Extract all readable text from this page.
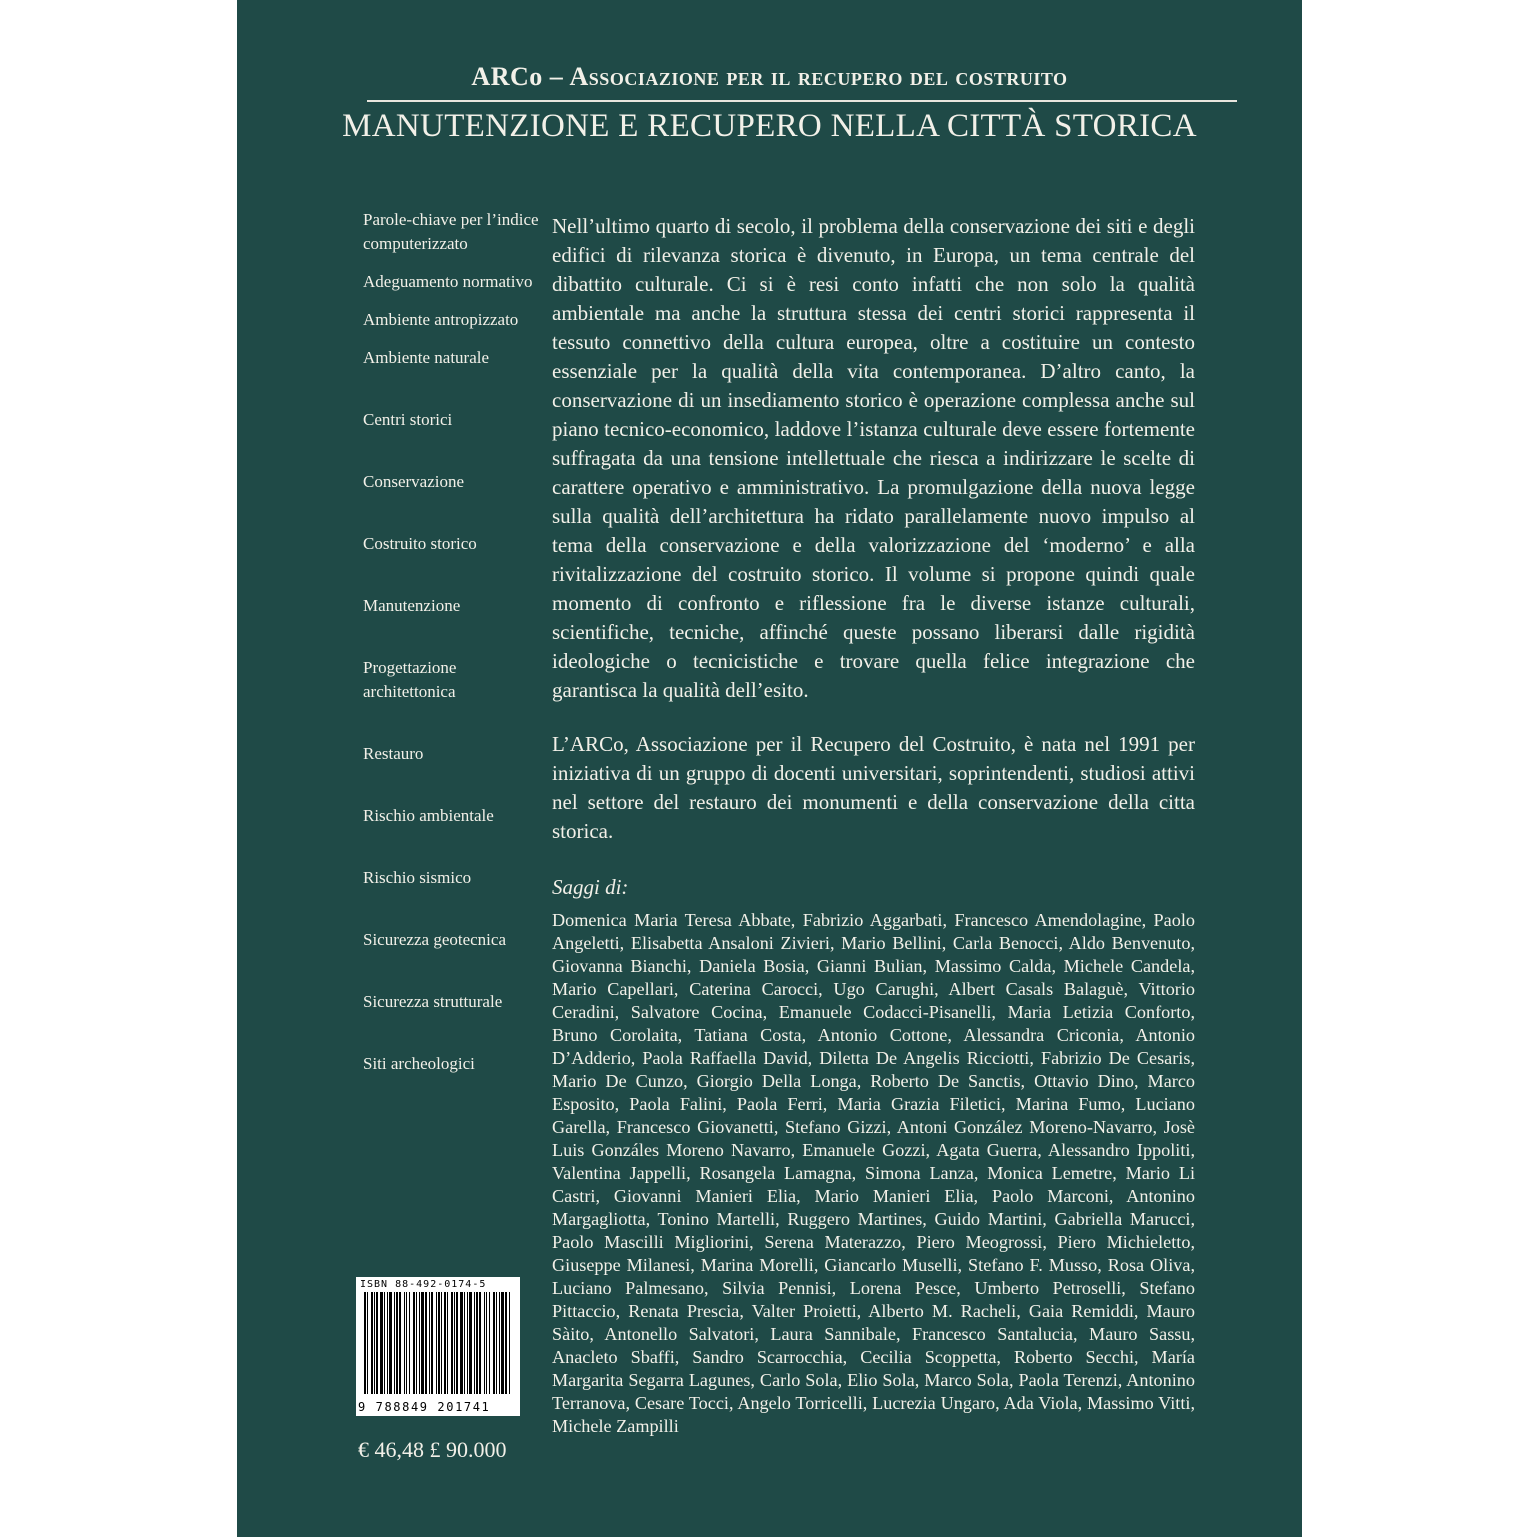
ARCo – Associazione per il recupero del costruito
MANUTENZIONE E RECUPERO NELLA CITTÀ STORICA

Parole-chiave per l’indice computerizzato

Adeguamento normativo

Ambiente antropizzato

Ambiente naturale

Centri storici

Conservazione

Costruito storico

Manutenzione

Progettazione architettonica

Restauro

Rischio ambientale

Rischio sismico

Sicurezza geotecnica

Sicurezza strutturale

Siti archeologici

Nell’ultimo quarto di secolo, il problema della conservazione dei siti e degli edifici di rilevanza storica è divenuto, in Europa, un tema centrale del dibattito culturale. Ci si è resi conto infatti che non solo la qualità ambientale ma anche la struttura stessa dei centri storici rappresenta il tessuto connettivo della cultura europea, oltre a costituire un contesto essenziale per la qualità della vita contemporanea. D’altro canto, la conservazione di un insediamento storico è operazione complessa anche sul piano tecnico-economico, laddove l’istanza culturale deve essere fortemente suffragata da una tensione intellettuale che riesca a indirizzare le scelte di carattere operativo e amministrativo. La promulgazione della nuova legge sulla qualità dell’architettura ha ridato parallelamente nuovo impulso al tema della conservazione e della valorizzazione del ‘moderno’ e alla rivitalizzazione del costruito storico. Il volume si propone quindi quale momento di confronto e riflessione fra le diverse istanze culturali, scientifiche, tecniche, affinché queste possano liberarsi dalle rigidità ideologiche o tecnicistiche e trovare quella felice integrazione che garantisca la qualità dell’esito.

L’ARCo, Associazione per il Recupero del Costruito, è nata nel 1991 per iniziativa di un gruppo di docenti universitari, soprintendenti, studiosi attivi nel settore del restauro dei monumenti e della conservazione della citta storica.

Saggi di:
Domenica Maria Teresa Abbate, Fabrizio Aggarbati, Francesco Amendolagine, Paolo Angeletti, Elisabetta Ansaloni Zivieri, Mario Bellini, Carla Benocci, Aldo Benvenuto, Giovanna Bianchi, Daniela Bosia, Gianni Bulian, Massimo Calda, Michele Candela, Mario Capellari, Caterina Carocci, Ugo Carughi, Albert Casals Balaguè, Vittorio Ceradini, Salvatore Cocina, Emanuele Codacci-Pisanelli, Maria Letizia Conforto, Bruno Corolaita, Tatiana Costa, Antonio Cottone, Alessandra Criconia, Antonio D’Adderio, Paola Raffaella David, Diletta De Angelis Ricciotti, Fabrizio De Cesaris, Mario De Cunzo, Giorgio Della Longa, Roberto De Sanctis, Ottavio Dino, Marco Esposito, Paola Falini, Paola Ferri, Maria Grazia Filetici, Marina Fumo, Luciano Garella, Francesco Giovanetti, Stefano Gizzi, Antoni González Moreno-Navarro, Josè Luis Gonzáles Moreno Navarro, Emanuele Gozzi, Agata Guerra, Alessandro Ippoliti, Valentina Jappelli, Rosangela Lamagna, Simona Lanza, Monica Lemetre, Mario Li Castri, Giovanni Manieri Elia, Mario Manieri Elia, Paolo Marconi, Antonino Margagliotta, Tonino Martelli, Ruggero Martines, Guido Martini, Gabriella Marucci, Paolo Mascilli Migliorini, Serena Materazzo, Piero Meogrossi, Piero Michieletto, Giuseppe Milanesi, Marina Morelli, Giancarlo Muselli, Stefano F. Musso, Rosa Oliva, Luciano Palmesano, Silvia Pennisi, Lorena Pesce, Umberto Petroselli, Stefano Pittaccio, Renata Prescia, Valter Proietti, Alberto M. Racheli, Gaia Remiddi, Mauro Sàito, Antonello Salvatori, Laura Sannibale, Francesco Santalucia, Mauro Sassu, Anacleto Sbaffi, Sandro Scarrocchia, Cecilia Scoppetta, Roberto Secchi, María Margarita Segarra Lagunes, Carlo Sola, Elio Sola, Marco Sola, Paola Terenzi, Antonino Terranova, Cesare Tocci, Angelo Torricelli, Lucrezia Ungaro, Ada Viola, Massimo Vitti, Michele Zampilli
ISBN 88-492-0174-5
9 788849 201741
€ 46,48 £ 90.000
